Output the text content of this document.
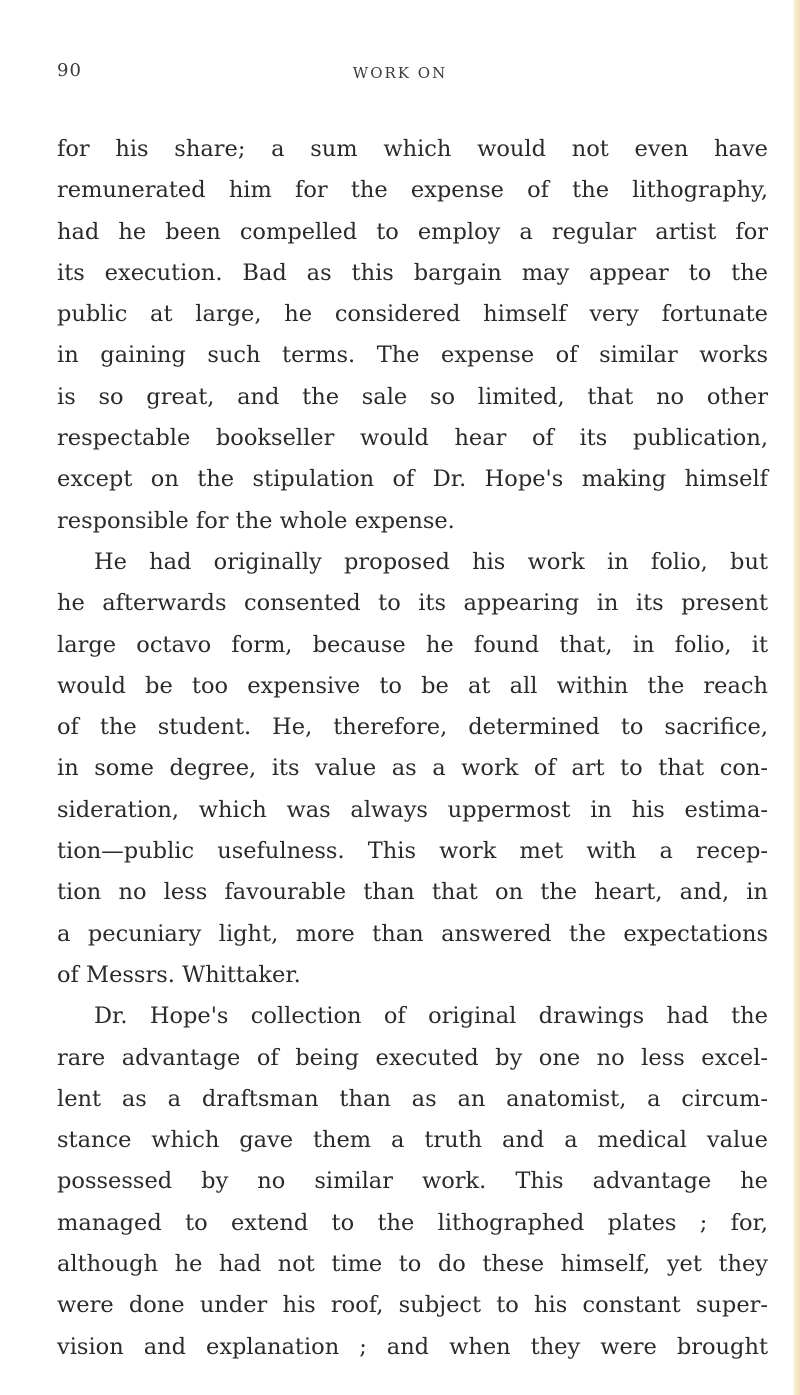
90	WORK ON
for his share; a sum which would not even have
remunerated him for the expense of the lithography,
had he been compelled to employ a regular artist for
its execution. Bad as this bargain may appear to the
public at large, he considered himself very fortunate
in gaining such terms. The expense of similar works
is so great, and the sale so limited, that no other
respectable bookseller would hear of its publication,
except on the stipulation of Dr. Hope's making himself
responsible for the whole expense.
He had originally proposed his work in folio, but
he afterwards consented to its appearing in its present
large octavo form, because he found that, in folio, it
would be too expensive to be at all within the reach
of the student. He, therefore, determined to sacrifice,
in some degree, its value as a work of art to that con-
sideration, which was always uppermost in his estima-
tion—public usefulness. This work met with a recep-
tion no less favourable than that on the heart, and, in
a pecuniary light, more than answered the expectations
of Messrs. Whittaker.
Dr. Hope's collection of original drawings had the
rare advantage of being executed by one no less excel-
lent as a draftsman than as an anatomist, a circum-
stance which gave them a truth and a medical value
possessed by no similar work. This advantage he
managed to extend to the lithographed plates ; for,
although he had not time to do these himself, yet they
were done under his roof, subject to his constant super-
vision and explanation ; and when they were brought
